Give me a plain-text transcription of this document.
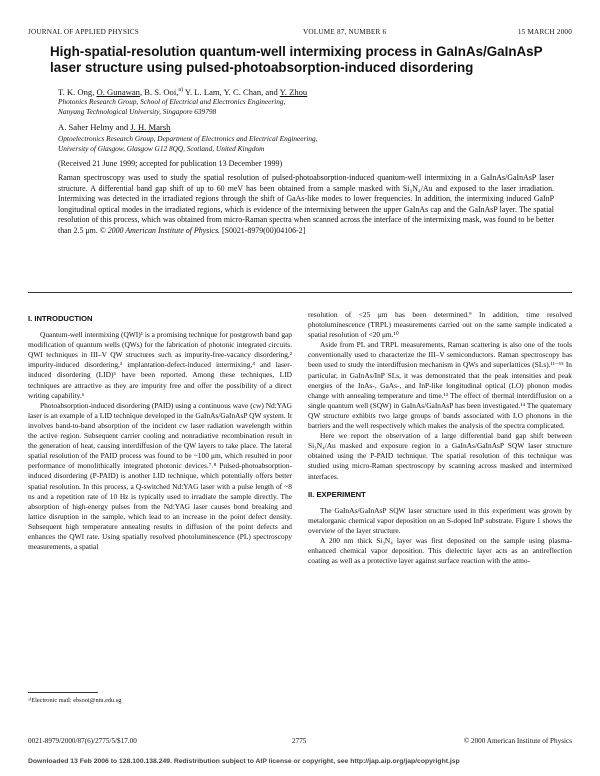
JOURNAL OF APPLIED PHYSICS	VOLUME 87, NUMBER 6	15 MARCH 2000
High-spatial-resolution quantum-well intermixing process in GaInAs/GaInAsP laser structure using pulsed-photoabsorption-induced disordering
T. K. Ong, O. Gunawan, B. S. Ooi,$^{a)}$ Y. L. Lam, Y. C. Chan, and Y. Zhou
Photonics Research Group, School of Electrical and Electronics Engineering,
Nanyang Technological University, Singapore 639798
A. Saher Helmy and J. H. Marsh
Optoelectronics Research Group, Department of Electronics and Electrical Engineering,
University of Glasgow, Glasgow G12 8QQ, Scotland, United Kingdom
(Received 21 June 1999; accepted for publication 13 December 1999)
Raman spectroscopy was used to study the spatial resolution of pulsed-photoabsorption-induced quantum-well intermixing in a GaInAs/GaInAsP laser structure. A differential band gap shift of up to 60 meV has been obtained from a sample masked with Si₃N₄/Au and exposed to the laser irradiation. Intermixing was detected in the irradiated regions through the shift of GaAs-like modes to lower frequencies. In addition, the intermixing induced GaInP longitudinal optical modes in the irradiated regions, which is evidence of the intermixing between the upper GaInAs cap and the GaInAsP layer. The spatial resolution of this process, which was obtained from micro-Raman spectra when scanned across the interface of the intermixing mask, was found to be better than 2.5 μm. © 2000 American Institute of Physics. [S0021-8979(00)04106-2]
I. INTRODUCTION

Quantum-well intermixing (QWI)¹ is a promising technique for postgrowth band gap modification of quantum wells (QWs) for the fabrication of photonic integrated circuits. QWI techniques in III–V QW structures such as impurity-free-vacancy disordering,² impurity-induced disordering,³ implantation-defect-induced intermixing,⁴ and laser-induced disordering (LID)⁵ have been reported. Among these techniques, LID techniques are attractive as they are impurity free and offer the possibility of a direct writing capability.⁶

Photoabsorption-induced disordering (PAID) using a continuous wave (cw) Nd:YAG laser is an example of a LID technique developed in the GaInAs/GaInAsP QW system. It involves band-to-band absorption of the incident cw laser radiation wavelength within the active region. Subsequent carrier cooling and nonradiative recombination result in the generation of heat, causing interdiffusion of the QW layers to take place. The lateral spatial resolution of the PAID process was found to be ~100 μm, which resulted in poor performance of monolithically integrated photonic devices.⁷˒⁸ Pulsed-photoabsorption-induced disordering (P-PAID) is another LID technique, which potentially offers better spatial resolution. In this process, a Q-switched Nd:YAG laser with a pulse length of ~8 ns and a repetition rate of 10 Hz is typically used to irradiate the sample directly. The absorption of high-energy pulses from the Nd:YAG laser causes bond breaking and lattice disruption in the sample, which lead to an increase in the point defect density. Subsequent high temperature annealing results in diffusion of the point defects and enhances the QWI rate. Using spatially resolved photoluminescence (PL) spectroscopy measurements, a spatial

resolution of <25 μm has been determined.⁹ In addition, time resolved photoluminescence (TRPL) measurements carried out on the same sample indicated a spatial resolution of <20 μm.¹⁰

Aside from PL and TRPL measurements, Raman scattering is also one of the tools conventionally used to characterize the III–V semiconductors. Raman spectroscopy has been used to study the interdiffusion mechanism in QWs and superlattices (SLs).¹¹⁻¹⁵ In particular, in GaInAs/InP SLs, it was demonstrated that the peak intensities and peak energies of the InAs-, GaAs-, and InP-like longitudinal optical (LO) phonon modes change with annealing temperature and time.¹³ The effect of thermal interdiffusion on a single quantum well (SQW) in GaInAs/GaInAsP has been investigated.¹⁴ The quaternary QW structure exhibits two large groups of bands associated with LO phonons in the barriers and the well respectively which makes the analysis of the spectra complicated.

Here we report the observation of a large differential band gap shift between Si₃N₄/Au masked and exposure region in a GaInAs/GaInAsP SQW laser structure obtained using the P-PAID technique. The spatial resolution of this technique was studied using micro-Raman spectroscopy by scanning across masked and intermixed interfaces.

II. EXPERIMENT

The GaInAs/GaInAsP SQW laser structure used in this experiment was grown by metalorganic chemical vapor deposition on an S-doped InP substrate. Figure 1 shows the overview of the layer structure.

A 200 nm thick Si₃N₄ layer was first deposited on the sample using plasma-enhanced chemical vapor deposition. This dielectric layer acts as an antireflection coating as well as a protective layer against surface reaction with the atmo-

ᵃ⁾Electronic mail: ebsooi@ntu.edu.sg
0021-8979/2000/87(6)/2775/5/$17.00	2775	© 2000 American Institute of Physics
Downloaded 13 Feb 2006 to 128.100.138.249. Redistribution subject to AIP license or copyright, see http://jap.aip.org/jap/copyright.jsp
